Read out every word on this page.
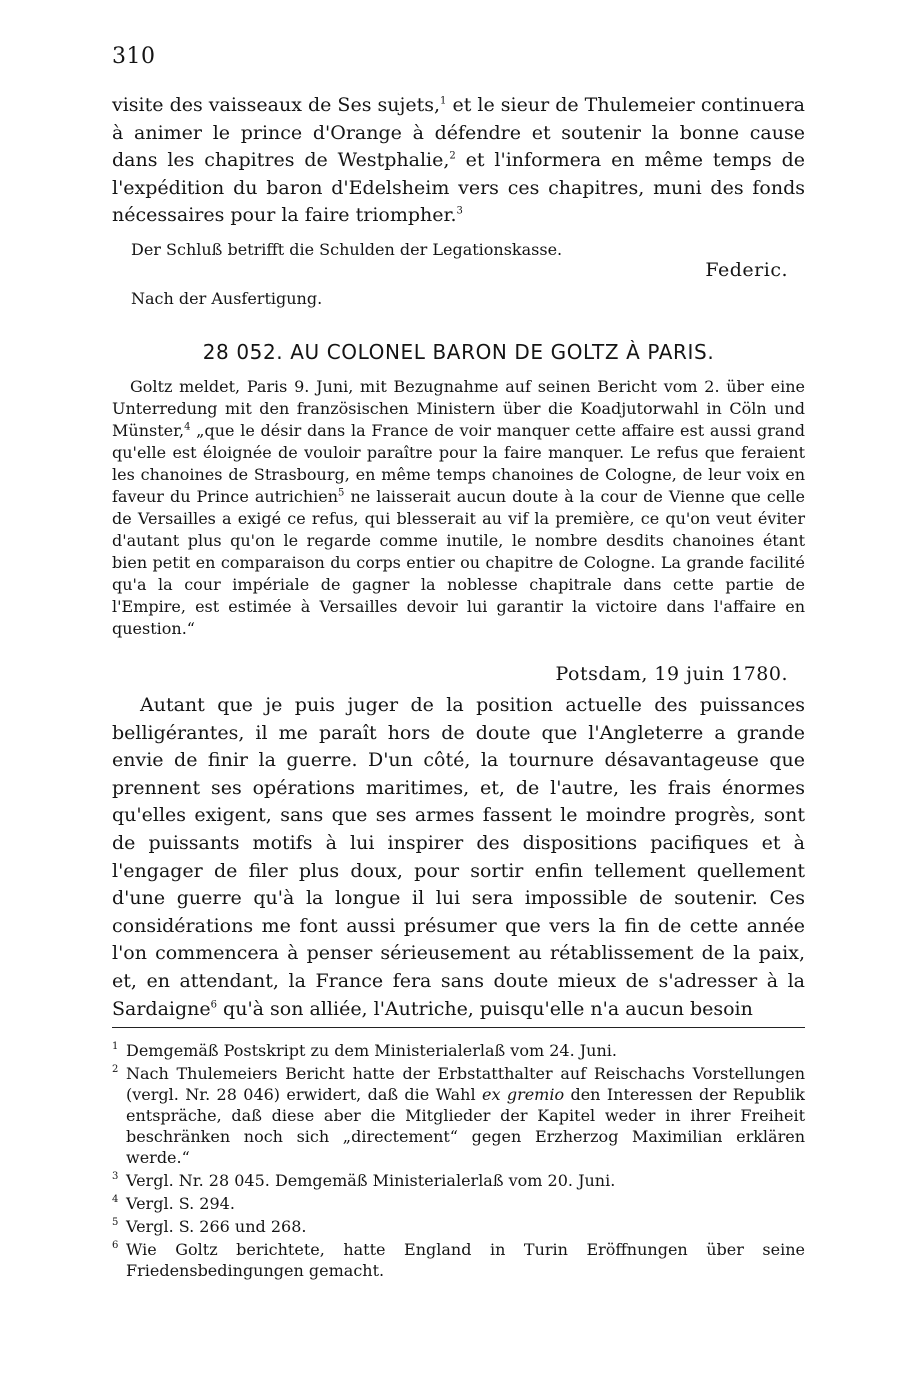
310
visite des vaisseaux de Ses sujets,$^1$ et le sieur de Thulemeier continuera à animer le prince d'Orange à défendre et soutenir la bonne cause dans les chapitres de Westphalie,$^2$ et l'informera en même temps de l'expédition du baron d'Edelsheim vers ces chapitres, muni des fonds nécessaires pour la faire triompher.$^3$
Der Schluß betrifft die Schulden der Legationskasse.
Federic.
Nach der Ausfertigung.
28 052. AU COLONEL BARON DE GOLTZ À PARIS.
Goltz meldet, Paris 9. Juni, mit Bezugnahme auf seinen Bericht vom 2. über eine Unterredung mit den französischen Ministern über die Koadjutorwahl in Cöln und Münster,$^4$ „que le désir dans la France de voir manquer cette affaire est aussi grand qu'elle est éloignée de vouloir paraître pour la faire manquer. Le refus que feraient les chanoines de Strasbourg, en même temps chanoines de Cologne, de leur voix en faveur du Prince autrichien$^5$ ne laisserait aucun doute à la cour de Vienne que celle de Versailles a exigé ce refus, qui blesserait au vif la première, ce qu'on veut éviter d'autant plus qu'on le regarde comme inutile, le nombre desdits chanoines étant bien petit en comparaison du corps entier ou chapitre de Cologne. La grande facilité qu'a la cour impériale de gagner la noblesse chapitrale dans cette partie de l'Empire, est estimée à Versailles devoir lui garantir la victoire dans l'affaire en question.“
Potsdam, 19 juin 1780.
Autant que je puis juger de la position actuelle des puissances belligérantes, il me paraît hors de doute que l'Angleterre a grande envie de finir la guerre. D'un côté, la tournure désavantageuse que prennent ses opérations maritimes, et, de l'autre, les frais énormes qu'elles exigent, sans que ses armes fassent le moindre progrès, sont de puissants motifs à lui inspirer des dispositions pacifiques et à l'engager de filer plus doux, pour sortir enfin tellement quellement d'une guerre qu'à la longue il lui sera impossible de soutenir. Ces considérations me font aussi présumer que vers la fin de cette année l'on commencera à penser sérieusement au rétablissement de la paix, et, en attendant, la France fera sans doute mieux de s'adresser à la Sardaigne$^6$ qu'à son alliée, l'Autriche, puisqu'elle n'a aucun besoin
1 Demgemäß Postskript zu dem Ministerialerlaß vom 24. Juni.
2 Nach Thulemeiers Bericht hatte der Erbstatthalter auf Reischachs Vorstellungen (vergl. Nr. 28 046) erwidert, daß die Wahl ex gremio den Interessen der Republik entspräche, daß diese aber die Mitglieder der Kapitel weder in ihrer Freiheit beschränken noch sich „directement“ gegen Erzherzog Maximilian erklären werde.“
3 Vergl. Nr. 28 045. Demgemäß Ministerialerlaß vom 20. Juni.
4 Vergl. S. 294.
5 Vergl. S. 266 und 268.
6 Wie Goltz berichtete, hatte England in Turin Eröffnungen über seine Friedensbedingungen gemacht.
